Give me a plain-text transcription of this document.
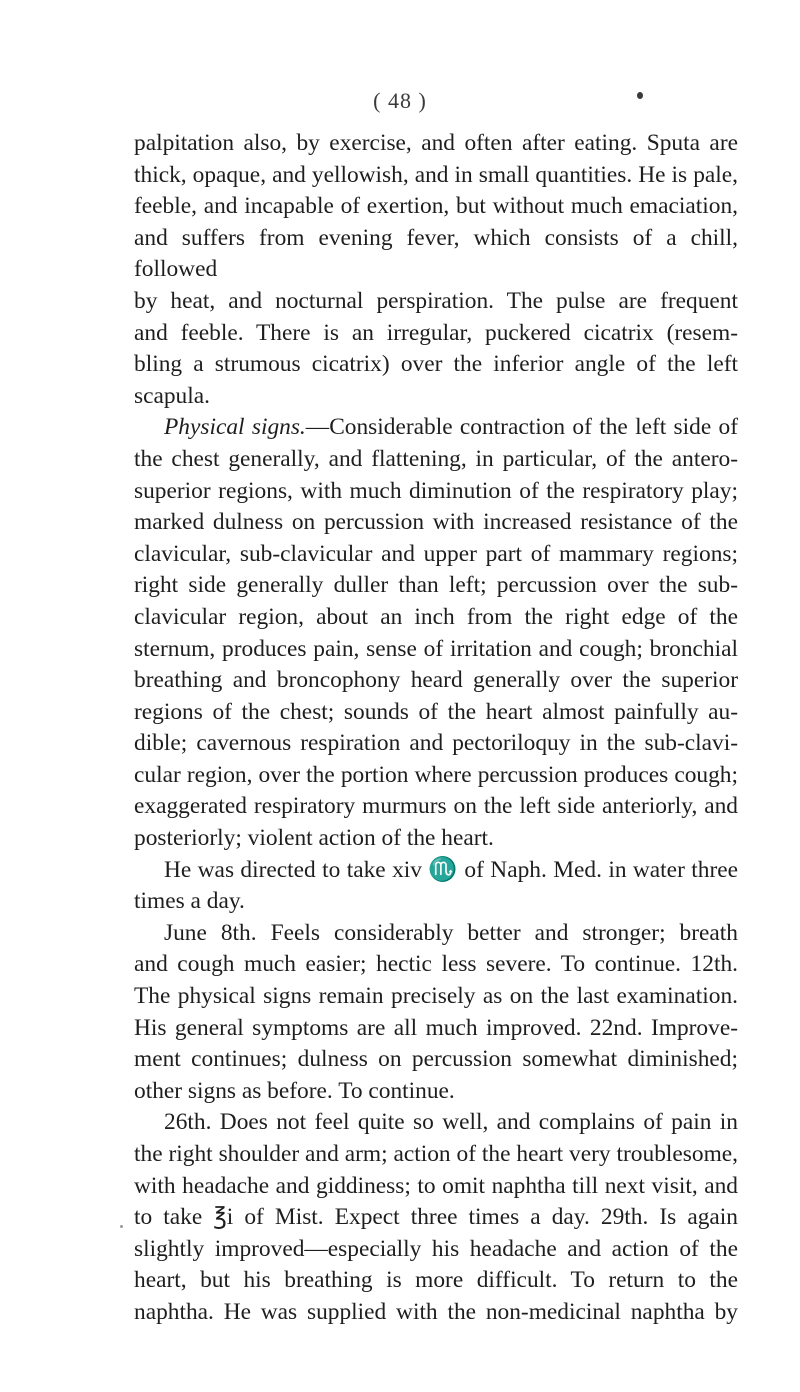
( 48 )

palpitation also, by exercise, and often after eating. Sputa are

thick, opaque, and yellowish, and in small quantities. He is pale,

feeble, and incapable of exertion, but without much emaciation,

and suffers from evening fever, which consists of a chill, followed

by heat, and nocturnal perspiration. The pulse are frequent

and feeble. There is an irregular, puckered cicatrix (resem-

bling a strumous cicatrix) over the inferior angle of the left

scapula.

Physical signs.—Considerable contraction of the left side of

the chest generally, and flattening, in particular, of the antero-

superior regions, with much diminution of the respiratory play;

marked dulness on percussion with increased resistance of the

clavicular, sub-clavicular and upper part of mammary regions;

right side generally duller than left; percussion over the sub-

clavicular region, about an inch from the right edge of the

sternum, produces pain, sense of irritation and cough; bronchial

breathing and broncophony heard generally over the superior

regions of the chest; sounds of the heart almost painfully au-

dible; cavernous respiration and pectoriloquy in the sub-clavi-

cular region, over the portion where percussion produces cough;

exaggerated respiratory murmurs on the left side anteriorly, and

posteriorly; violent action of the heart.

He was directed to take xiv ♏ of Naph. Med. in water three

times a day.

June 8th. Feels considerably better and stronger; breath

and cough much easier; hectic less severe. To continue. 12th.

The physical signs remain precisely as on the last examination.

His general symptoms are all much improved. 22nd. Improve-

ment continues; dulness on percussion somewhat diminished;

other signs as before. To continue.

26th. Does not feel quite so well, and complains of pain in

the right shoulder and arm; action of the heart very troublesome,

with headache and giddiness; to omit naphtha till next visit, and

to take ℥i of Mist. Expect three times a day. 29th. Is again

slightly improved—especially his headache and action of the

heart, but his breathing is more difficult. To return to the

naphtha. He was supplied with the non-medicinal naphtha by
